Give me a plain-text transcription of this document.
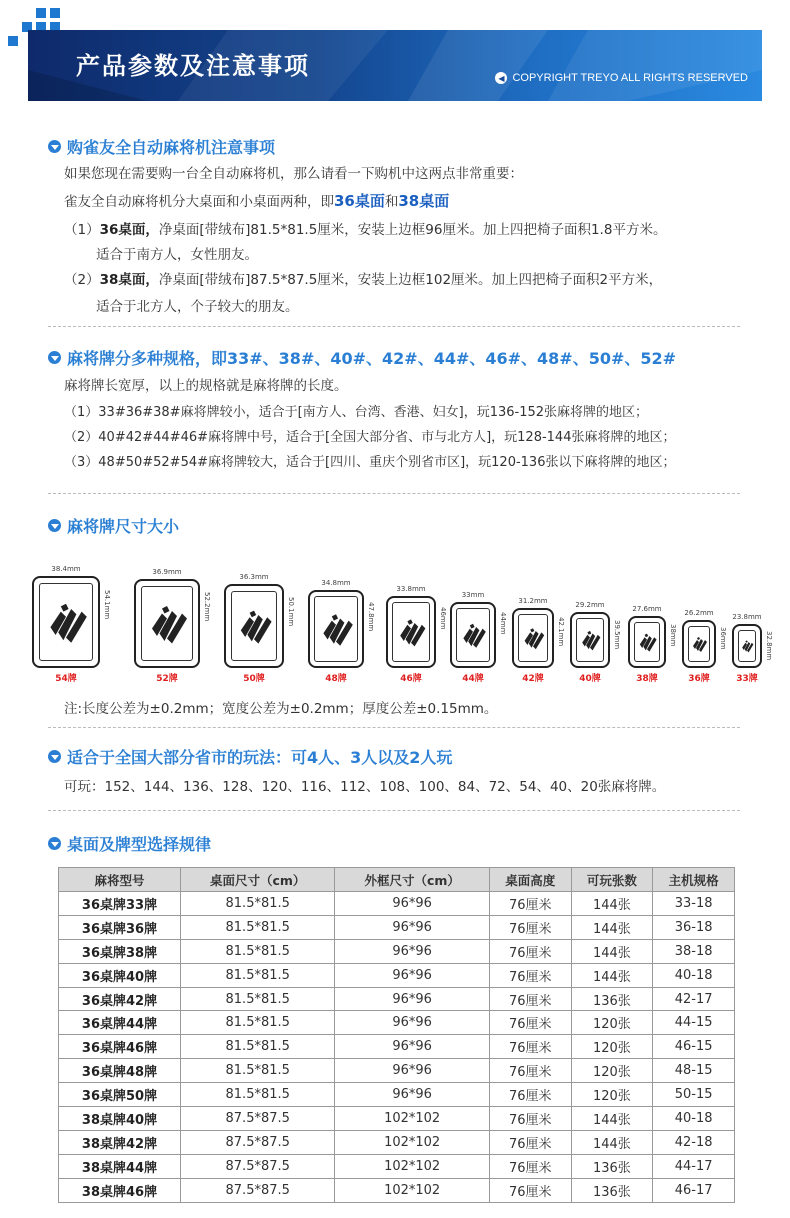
产品参数及注意事项	◀ COPYRIGHT TREYO ALL RIGHTS RESERVED
购雀友全自动麻将机注意事项
如果您现在需要购一台全自动麻将机，那么请看一下购机中这两点非常重要：
雀友全自动麻将机分大桌面和小桌面两种，即36桌面和38桌面
（1）36桌面，净桌面[带绒布]81.5*81.5厘米，安装上边框96厘米。加上四把椅子面积1.8平方米。
适合于南方人，女性朋友。
（2）38桌面，净桌面[带绒布]87.5*87.5厘米，安装上边框102厘米。加上四把椅子面积2平方米，
适合于北方人，个子较大的朋友。
麻将牌分多种规格，即33#、38#、40#、42#、44#、46#、48#、50#、52#
麻将牌长宽厚，以上的规格就是麻将牌的长度。
（1）33#36#38#麻将牌较小，适合于[南方人、台湾、香港、妇女]，玩136-152张麻将牌的地区；
（2）40#42#44#46#麻将牌中号，适合于[全国大部分省、市与北方人]，玩128-144张麻将牌的地区；
（3）48#50#52#54#麻将牌较大，适合于[四川、重庆个别省市区]，玩120-136张以下麻将牌的地区；
麻将牌尺寸大小
38.4mm
54.1mm
54牌
36.9mm
52.2mm
52牌
36.3mm
50.1mm
50牌
34.8mm
47.8mm
48牌
33.8mm
46mm
46牌
33mm
44mm
44牌
31.2mm
42.1mm
42牌
29.2mm
39.5mm
40牌
27.6mm
38mm
38牌
26.2mm
36mm
36牌
23.8mm
32.8mm
33牌
注:长度公差为±0.2mm；宽度公差为±0.2mm；厚度公差±0.15mm。
适合于全国大部分省市的玩法：可4人、3人以及2人玩
可玩：152、144、136、128、120、116、112、108、100、84、72、54、40、20张麻将牌。
桌面及牌型选择规律
麻将型号	桌面尺寸（cm）	外框尺寸（cm）	桌面高度	可玩张数	主机规格
36桌牌33牌	81.5*81.5	96*96	76厘米	144张	33-18
36桌牌36牌	81.5*81.5	96*96	76厘米	144张	36-18
36桌牌38牌	81.5*81.5	96*96	76厘米	144张	38-18
36桌牌40牌	81.5*81.5	96*96	76厘米	144张	40-18
36桌牌42牌	81.5*81.5	96*96	76厘米	136张	42-17
36桌牌44牌	81.5*81.5	96*96	76厘米	120张	44-15
36桌牌46牌	81.5*81.5	96*96	76厘米	120张	46-15
36桌牌48牌	81.5*81.5	96*96	76厘米	120张	48-15
36桌牌50牌	81.5*81.5	96*96	76厘米	120张	50-15
38桌牌40牌	87.5*87.5	102*102	76厘米	144张	40-18
38桌牌42牌	87.5*87.5	102*102	76厘米	144张	42-18
38桌牌44牌	87.5*87.5	102*102	76厘米	136张	44-17
38桌牌46牌	87.5*87.5	102*102	76厘米	136张	46-17
